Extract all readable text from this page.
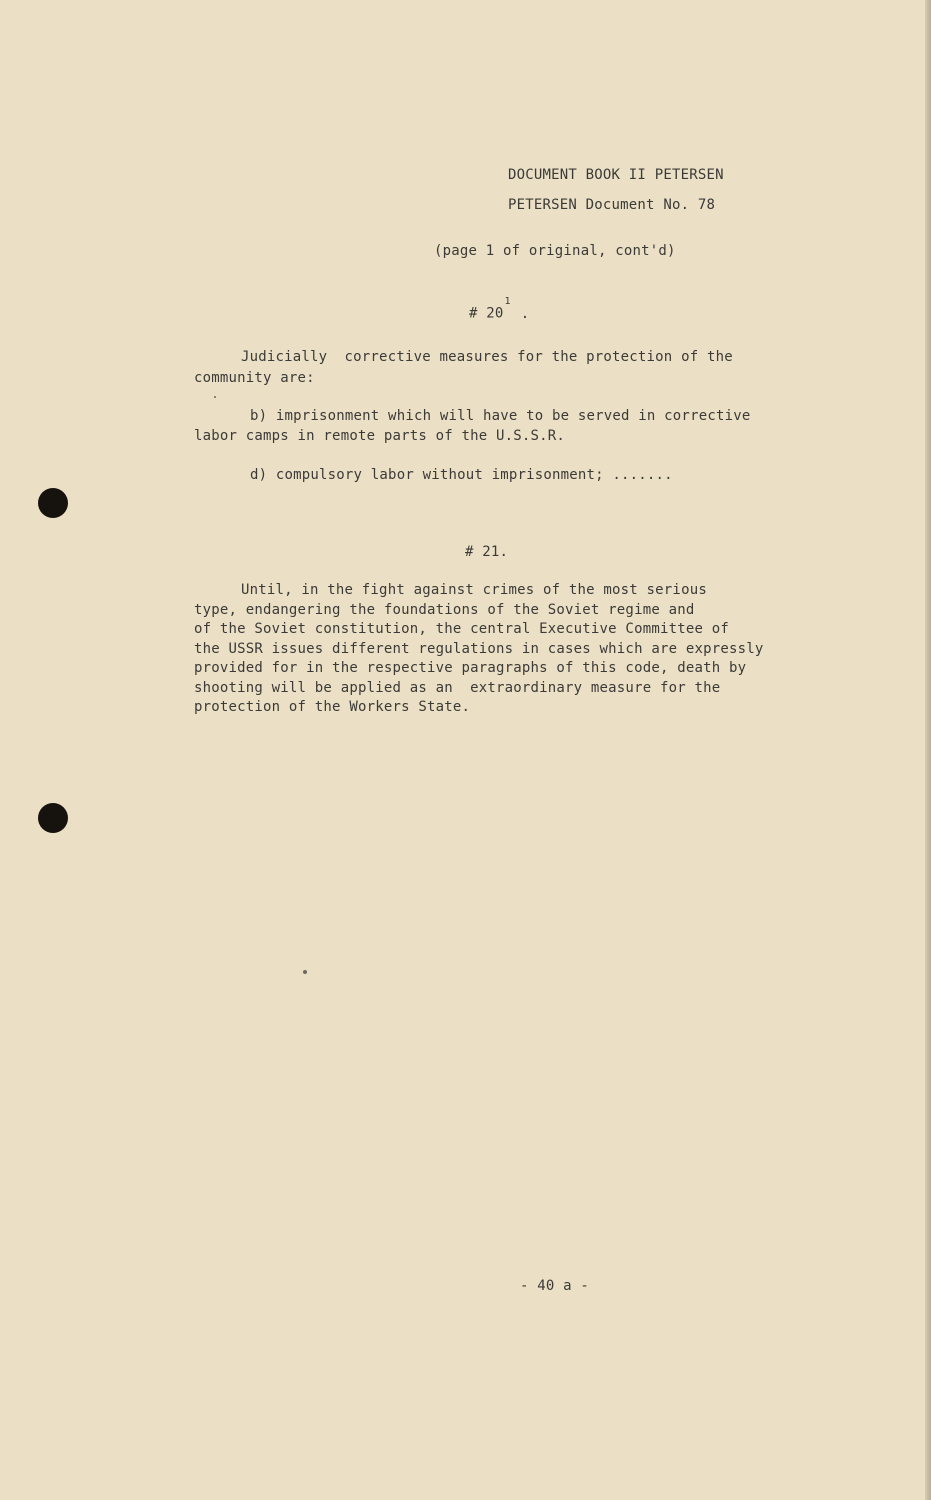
DOCUMENT BOOK II PETERSEN
PETERSEN Document No. 78
(page 1 of original, cont'd)
# $20^1$.
Judicially  corrective measures for the protection of the
community are:
b) imprisonment which will have to be served in corrective
labor camps in remote parts of the U.S.S.R.
d) compulsory labor without imprisonment; .......
# 21.
Until, in the fight against crimes of the most serious
type, endangering the foundations of the Soviet regime and
of the Soviet constitution, the central Executive Committee of
the USSR issues different regulations in cases which are expressly
provided for in the respective paragraphs of this code, death by
shooting will be applied as an  extraordinary measure for the
protection of the Workers State.
- 40 a -
